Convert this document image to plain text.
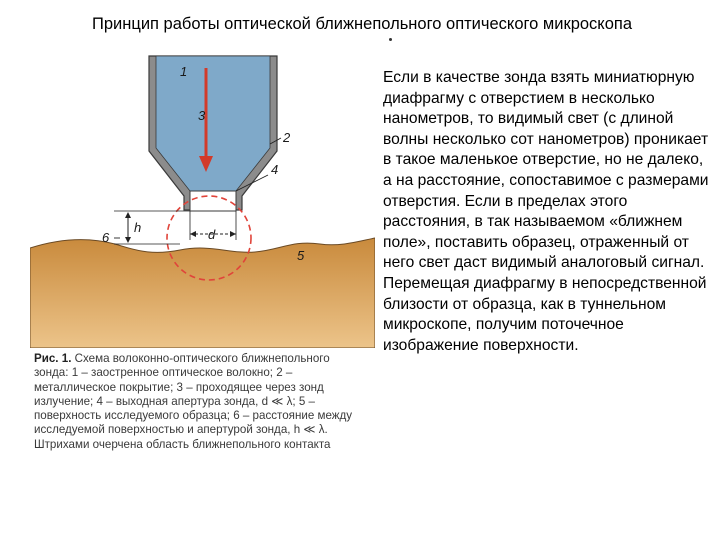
Принцип работы оптической ближнепольного оптического микроскопа
1
2
3
4
5
6
h	d
Рис. 1. Схема волоконно-оптического ближнепольного зонда: 1 – заостренное оптическое волокно; 2 – металлическое покрытие; 3 – проходящее через зонд излучение; 4 – выходная апертура зонда, d ≪ λ; 5 – поверхность исследуемого образца; 6 – расстояние между исследуемой поверхностью и апертурой зонда, h ≪ λ. Штрихами очерчена область ближнепольного контакта
Если в качестве зонда взять миниатюрную диафрагму с отверстием в несколько нанометров, то видимый свет (с длиной волны несколько сот нанометров) проникает в такое маленькое отверстие, но не далеко, а на расстояние, сопоставимое с размерами отверстия. Если в пределах этого расстояния, в так называемом «ближнем поле», поставить образец, отраженный от него свет даст видимый аналоговый сигнал. Перемещая диафрагму в непосредственной близости от образца, как в туннельном микроскопе, получим поточечное изображение поверхности.
